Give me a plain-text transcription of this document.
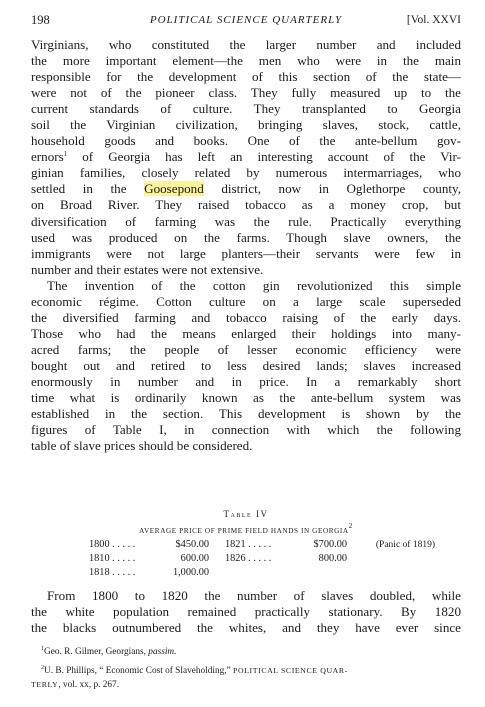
198	POLITICAL SCIENCE QUARTERLY	[Vol. XXVI

Virginians, who constituted the larger number and included
the more important element—the men who were in the main
responsible for the development of this section of the state—
were not of the pioneer class. They fully measured up to the
current standards of culture. They transplanted to Georgia
soil the Virginian civilization, bringing slaves, stock, cattle,
household goods and books. One of the ante-bellum gov-
ernors$^1$ of Georgia has left an interesting account of the Vir-
ginian families, closely related by numerous intermarriages, who
settled in the Goosepond district, now in Oglethorpe county,
on Broad River. They raised tobacco as a money crop, but
diversification of farming was the rule. Practically everything
used was produced on the farms. Though slave owners, the
immigrants were not large planters—their servants were few in
number and their estates were not extensive.

The invention of the cotton gin revolutionized this simple
economic régime. Cotton culture on a large scale superseded
the diversified farming and tobacco raising of the early days.
Those who had the means enlarged their holdings into many-
acred farms; the people of lesser economic efficiency were
bought out and retired to less desired lands; slaves increased
enormously in number and in price. In a remarkably short
time what is ordinarily known as the ante-bellum system was
established in the section. This development is shown by the
figures of Table I, in connection with which the following
table of slave prices should be considered.

Table IV
AVERAGE PRICE OF PRIME FIELD HANDS IN GEORGIA$^2$
1800 . . . . .	$450.00
1810 . . . . .	600.00
1818 . . . . .	1,000.00
1821 . . . . .	$700.00	(Panic of 1819)
1826 . . . . .	800.00

From 1800 to 1820 the number of slaves doubled, while
the white population remained practically stationary. By 1820
the blacks outnumbered the whites, and they have ever since

$^1$Geo. R. Gilmer, Georgians, passim.
$^2$U. B. Phillips, “ Economic Cost of Slaveholding,” POLITICAL SCIENCE QUAR-
TERLY, vol. xx, p. 267.
